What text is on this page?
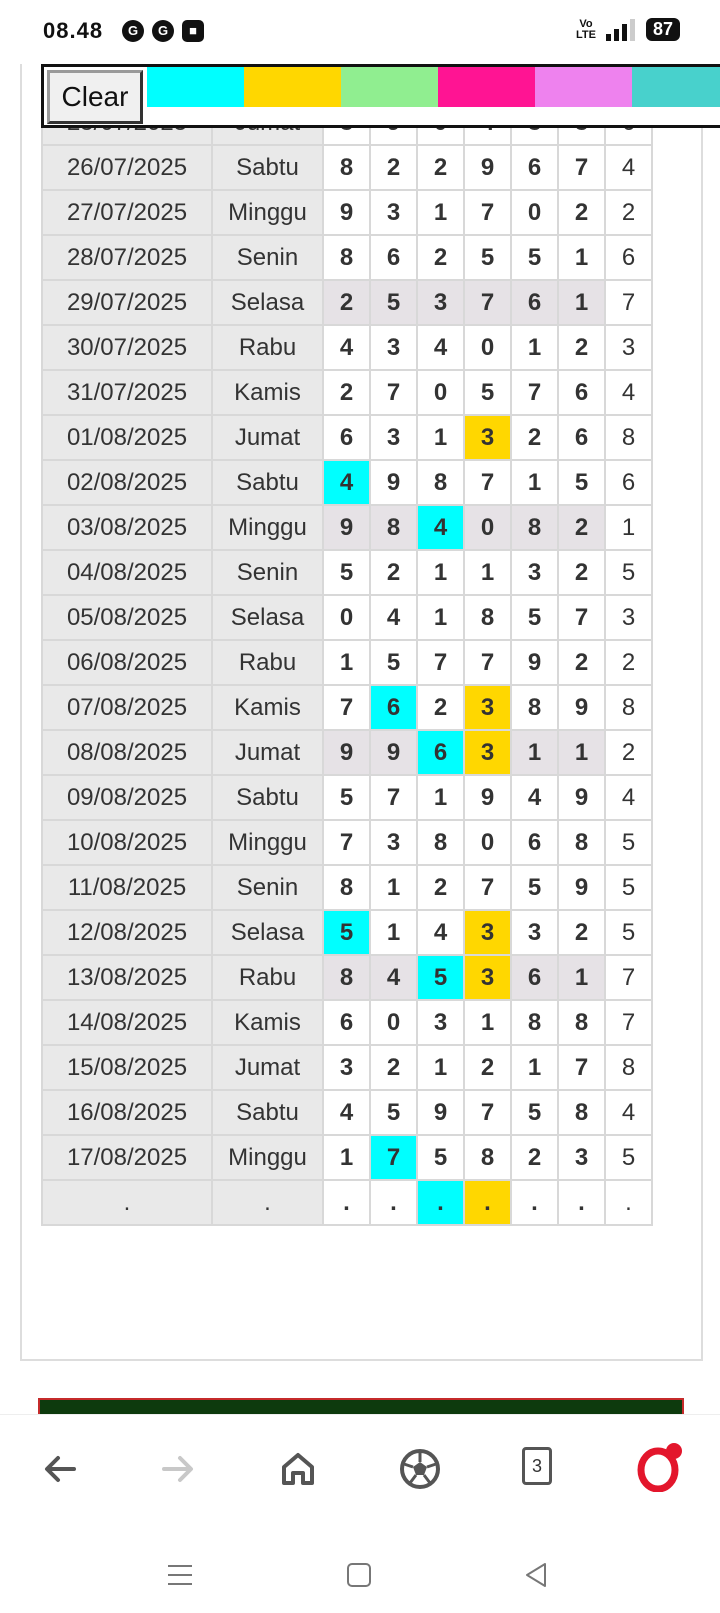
08.48	G	G	■	Vo
LTE	87

26/07/2025	Sabtu	8	2	2	9	6	7	4
27/07/2025	Minggu	9	3	1	7	0	2	2
28/07/2025	Senin	8	6	2	5	5	1	6
29/07/2025	Selasa	2	5	3	7	6	1	7
30/07/2025	Rabu	4	3	4	0	1	2	3
31/07/2025	Kamis	2	7	0	5	7	6	4
01/08/2025	Jumat	6	3	1	3	2	6	8
02/08/2025	Sabtu	4	9	8	7	1	5	6
03/08/2025	Minggu	9	8	4	0	8	2	1
04/08/2025	Senin	5	2	1	1	3	2	5
05/08/2025	Selasa	0	4	1	8	5	7	3
06/08/2025	Rabu	1	5	7	7	9	2	2
07/08/2025	Kamis	7	6	2	3	8	9	8
08/08/2025	Jumat	9	9	6	3	1	1	2
09/08/2025	Sabtu	5	7	1	9	4	9	4
10/08/2025	Minggu	7	3	8	0	6	8	5
11/08/2025	Senin	8	1	2	7	5	9	5
12/08/2025	Selasa	5	1	4	3	3	2	5
13/08/2025	Rabu	8	4	5	3	6	1	7
14/08/2025	Kamis	6	0	3	1	8	8	7
15/08/2025	Jumat	3	2	1	2	1	7	8
16/08/2025	Sabtu	4	5	9	7	5	8	4
17/08/2025	Minggu	1	7	5	8	2	3	5
.	.	.	.	.	.	.	.	.
Clear
3
